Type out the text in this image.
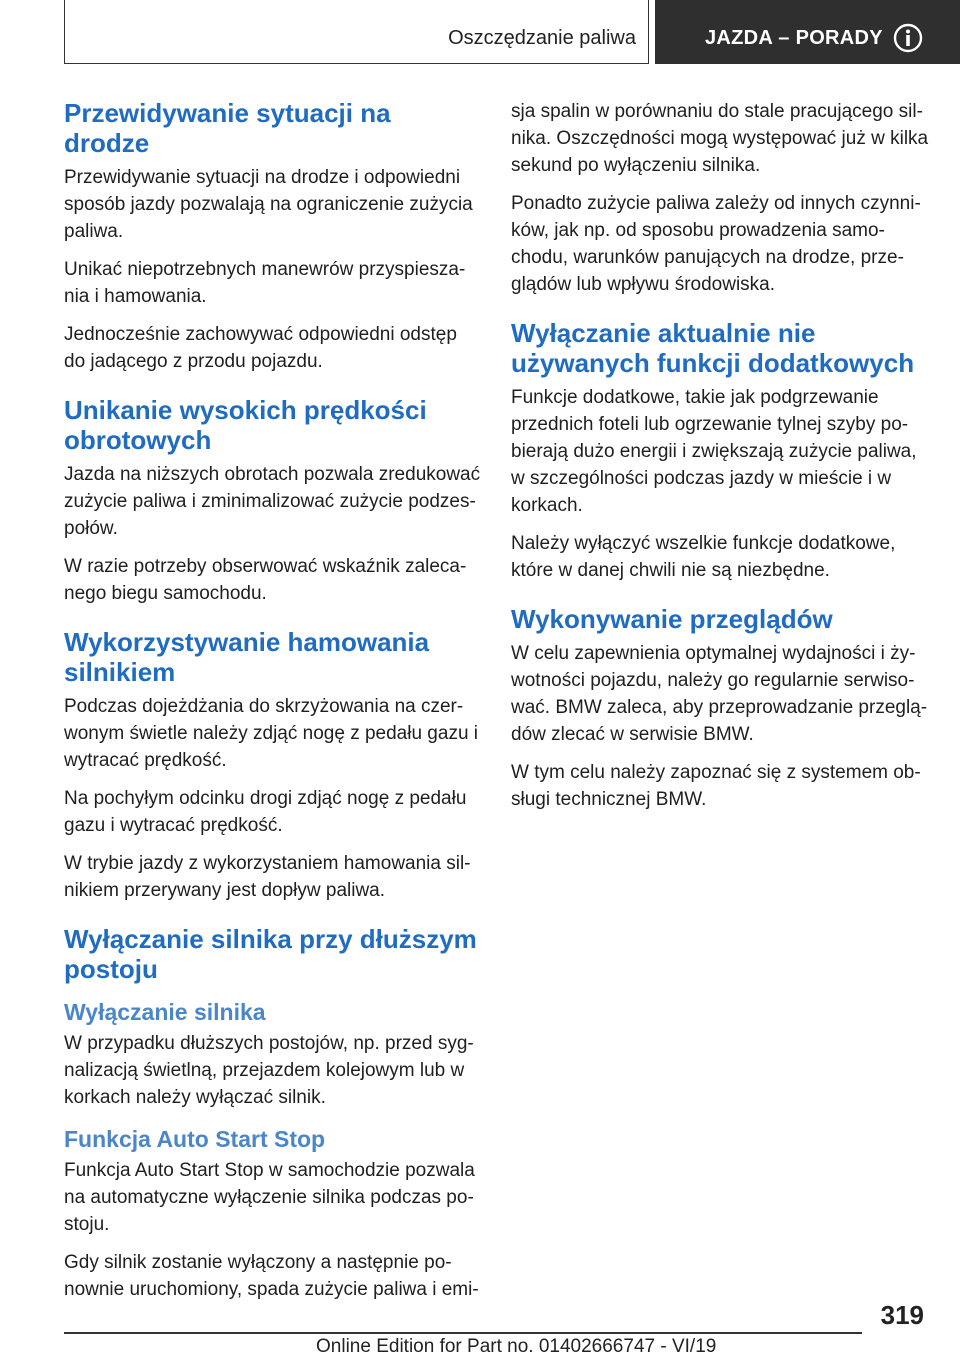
Oszczędzanie paliwa	JAZDA – PORADY
Przewidywanie sytuacji na drodze

Przewidywanie sytuacji na drodze i odpowiedni sposób jazdy pozwalają na ograniczenie zużycia paliwa.

Unikać niepotrzebnych manewrów przyspiesza‐nia i hamowania.

Jednocześnie zachowywać odpowiedni odstęp do jadącego z przodu pojazdu.

Unikanie wysokich prędkości obrotowych

Jazda na niższych obrotach pozwala zredukować zużycie paliwa i zminimalizować zużycie podzes‐połów.

W razie potrzeby obserwować wskaźnik zaleca‐nego biegu samochodu.

Wykorzystywanie hamowania silnikiem

Podczas dojeżdżania do skrzyżowania na czer‐wonym świetle należy zdjąć nogę z pedału gazu i wytracać prędkość.

Na pochyłym odcinku drogi zdjąć nogę z pedału gazu i wytracać prędkość.

W trybie jazdy z wykorzystaniem hamowania sil‐nikiem przerywany jest dopływ paliwa.

Wyłączanie silnika przy dłuższym postoju
Wyłączanie silnika

W przypadku dłuższych postojów, np. przed syg‐nalizacją świetlną, przejazdem kolejowym lub w korkach należy wyłączać silnik.

Funkcja Auto Start Stop

Funkcja Auto Start Stop w samochodzie pozwala na automatyczne wyłączenie silnika podczas po‐stoju.

Gdy silnik zostanie wyłączony a następnie po‐nownie uruchomiony, spada zużycie paliwa i emi‐

sja spalin w porównaniu do stale pracującego sil‐nika. Oszczędności mogą występować już w kilka sekund po wyłączeniu silnika.

Ponadto zużycie paliwa zależy od innych czynni‐ków, jak np. od sposobu prowadzenia samo‐chodu, warunków panujących na drodze, prze‐glądów lub wpływu środowiska.

Wyłączanie aktualnie nie używanych funkcji dodatkowych

Funkcje dodatkowe, takie jak podgrzewanie przednich foteli lub ogrzewanie tylnej szyby po‐bierają dużo energii i zwiększają zużycie paliwa, w szczególności podczas jazdy w mieście i w korkach.

Należy wyłączyć wszelkie funkcje dodatkowe, które w danej chwili nie są niezbędne.

Wykonywanie przeglądów

W celu zapewnienia optymalnej wydajności i ży‐wotności pojazdu, należy go regularnie serwiso‐wać. BMW zaleca, aby przeprowadzanie przeglą‐dów zlecać w serwisie BMW.

W tym celu należy zapoznać się z systemem ob‐sługi technicznej BMW.

319
Online Edition for Part no. 01402666747 - VI/19
